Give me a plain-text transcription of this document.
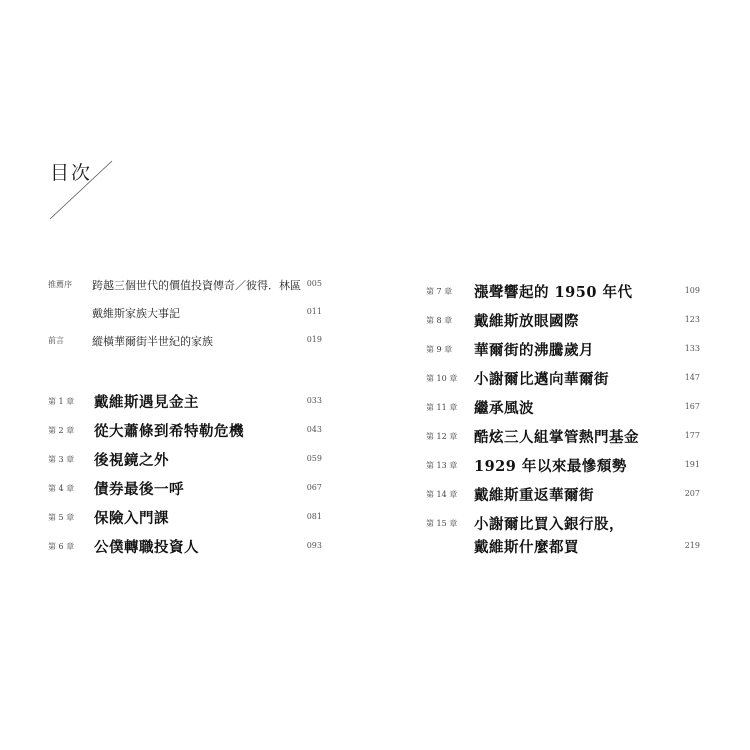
目次
推薦序 跨越三個世代的價值投資傳奇／彼得．林區 005
戴維斯家族大事記	011
前言	縱橫華爾街半世紀的家族	019
第 1 章 戴維斯遇見金主	033
第 2 章 從大蕭條到希特勒危機	043
第 3 章 後視鏡之外	059
第 4 章 債券最後一呼	067
第 5 章 保險入門課	081
第 6 章 公僕轉職投資人	093
第 7 章 漲聲響起的 1950 年代	109
第 8 章 戴維斯放眼國際	123
第 9 章 華爾街的沸騰歲月	133
第 10 章 小謝爾比邁向華爾街	147
第 11 章 繼承風波	167
第 12 章 酷炫三人組掌管熱門基金	177
第 13 章 1929 年以來最慘頹勢	191
第 14 章 戴維斯重返華爾街	207
第 15 章 小謝爾比買入銀行股，
戴維斯什麼都買	219
